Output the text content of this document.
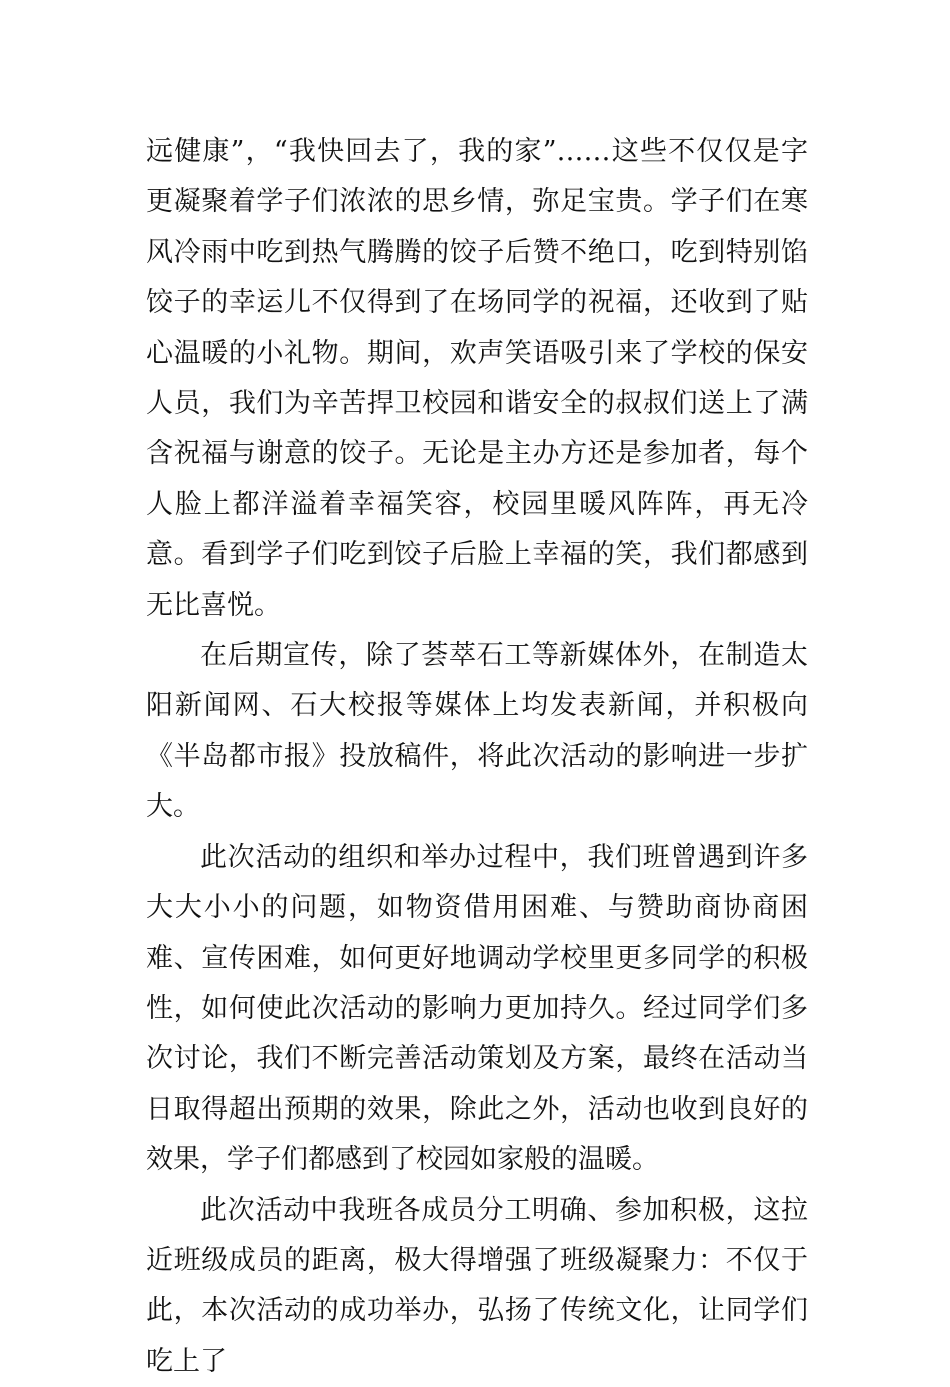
远健康”，“我快回去了，我的家”……这些不仅仅是字更凝聚着学子们浓浓的思乡情，弥足宝贵。学子们在寒风冷雨中吃到热气腾腾的饺子后赞不绝口，吃到特别馅饺子的幸运儿不仅得到了在场同学的祝福，还收到了贴心温暖的小礼物。期间，欢声笑语吸引来了学校的保安人员，我们为辛苦捍卫校园和谐安全的叔叔们送上了满含祝福与谢意的饺子。无论是主办方还是参加者，每个人脸上都洋溢着幸福笑容，校园里暖风阵阵，再无冷意。看到学子们吃到饺子后脸上幸福的笑，我们都感到无比喜悦。

在后期宣传，除了荟萃石工等新媒体外，在制造太阳新闻网、石大校报等媒体上均发表新闻，并积极向《半岛都市报》投放稿件，将此次活动的影响进一步扩大。

此次活动的组织和举办过程中，我们班曾遇到许多大大小小的问题，如物资借用困难、与赞助商协商困难、宣传困难，如何更好地调动学校里更多同学的积极性，如何使此次活动的影响力更加持久。经过同学们多次讨论，我们不断完善活动策划及方案，最终在活动当日取得超出预期的效果，除此之外，活动也收到良好的效果，学子们都感到了校园如家般的温暖。

此次活动中我班各成员分工明确、参加积极，这拉近班级成员的距离，极大得增强了班级凝聚力：不仅于此，本次活动的成功举办，弘扬了传统文化，让同学们吃上了
